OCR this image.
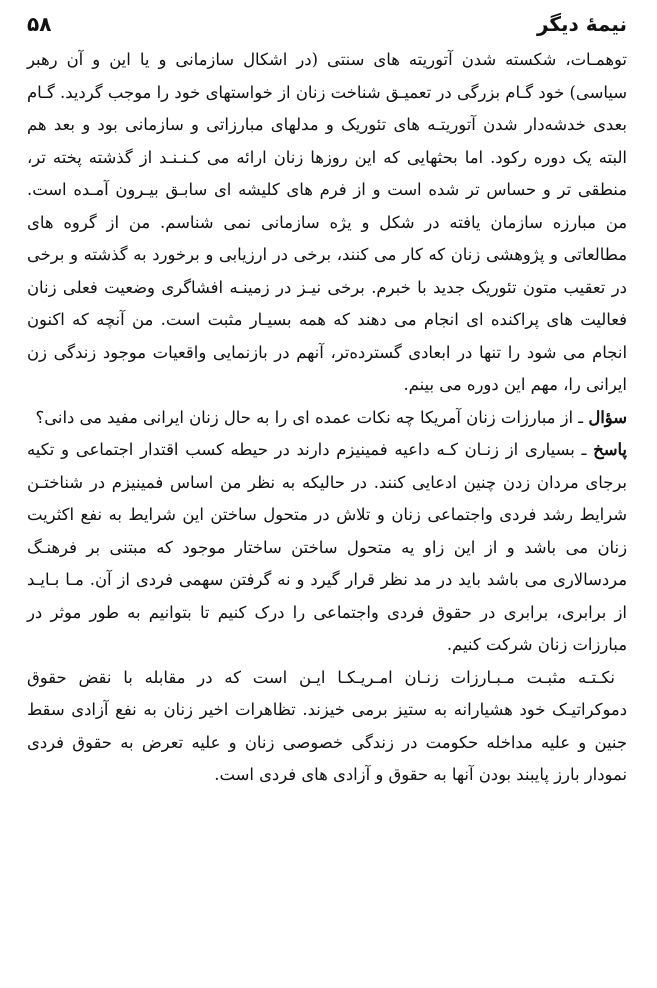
نیمهٔ دیگر
۵۸

توهمـات، شکسته شدن آتوریته های سنتی (در اشکال سازمانی و یا این و آن رهبر سیاسی) خود گـام بزرگی در تعمیـق شناخت زنان از خواستهای خود را موجب گردید. گـام بعدی خدشه‌دار شدن آتوریتـه های تئوریک و مدلهای مبارزاتی و سازمانی بود و بعد هم البته یک دوره رکود. اما بحثهایی که این روزها زنان ارائه می کـنـنـد از گذشته پخته تر، منطقی تر و حساس تر شده است و از فرم های کلیشه ای سابـق بیـرون آمـده است. من مبارزه سازمان یافته در شکل و یژه سازمانی نمی شناسم. من از گروه های مطالعاتی و پژوهشی زنان که کار می کنند، برخی در ارزیابی و برخورد به گذشته و برخی در تعقیب متون تئوریک جدید با خبرم. برخی نیـز در زمینـه افشاگری وضعیت فعلی زنان فعالیت های پراکنده ای انجام می دهند که همه بسیـار مثبت است. من آنچه که اکنون انجام می شود را تنها در ابعادی گسترده‌تر، آنهم در بازنمایی واقعیات موجود زندگی زن ایرانی را، مهم این دوره می بینم.

سؤال ـ از مبارزات زنان آمریکا چه نکات عمده ای را به حال زنان ایرانی مفید می دانی؟

پاسخ ـ بسیاری از زنـان کـه داعیه فمینیزم دارند در حیطه کسب اقتدار اجتماعی و تکیه برجای مردان زدن چنین ادعایی کنند. در حالیکه به نظر من اساس فمینیزم در شناختـن شرایط رشد فردی واجتماعی زنان و تلاش در متحول ساختن این شرایط به نفع اکثریت زنان می باشد و از این زاو یه متحول ساختن ساختار موجود که مبتنی بر فرهنـگ مردسالاری می باشد باید در مد نظر قرار گیرد و نه گرفتن سهمی فردی از آن. مـا بـایـد از برابری، برابری در حقوق فردی واجتماعی را درک کنیم تا بتوانیم به طور موثر در مبارزات زنان شرکت کنیم.

نکـتـه مثبـت مـبـارزات زنـان امـریـکـا ایـن است که در مقابله با نقض حقوق دموکراتیـک خود هشیارانه به ستیز برمی خیزند. تظاهرات اخیر زنان به نفع آزادی سقط جنین و علیه مداخله حکومت در زندگی خصوصی زنان و علیه تعرض به حقوق فردی نمودار بارز پایبند بودن آنها به حقوق و آزادی های فردی است.
